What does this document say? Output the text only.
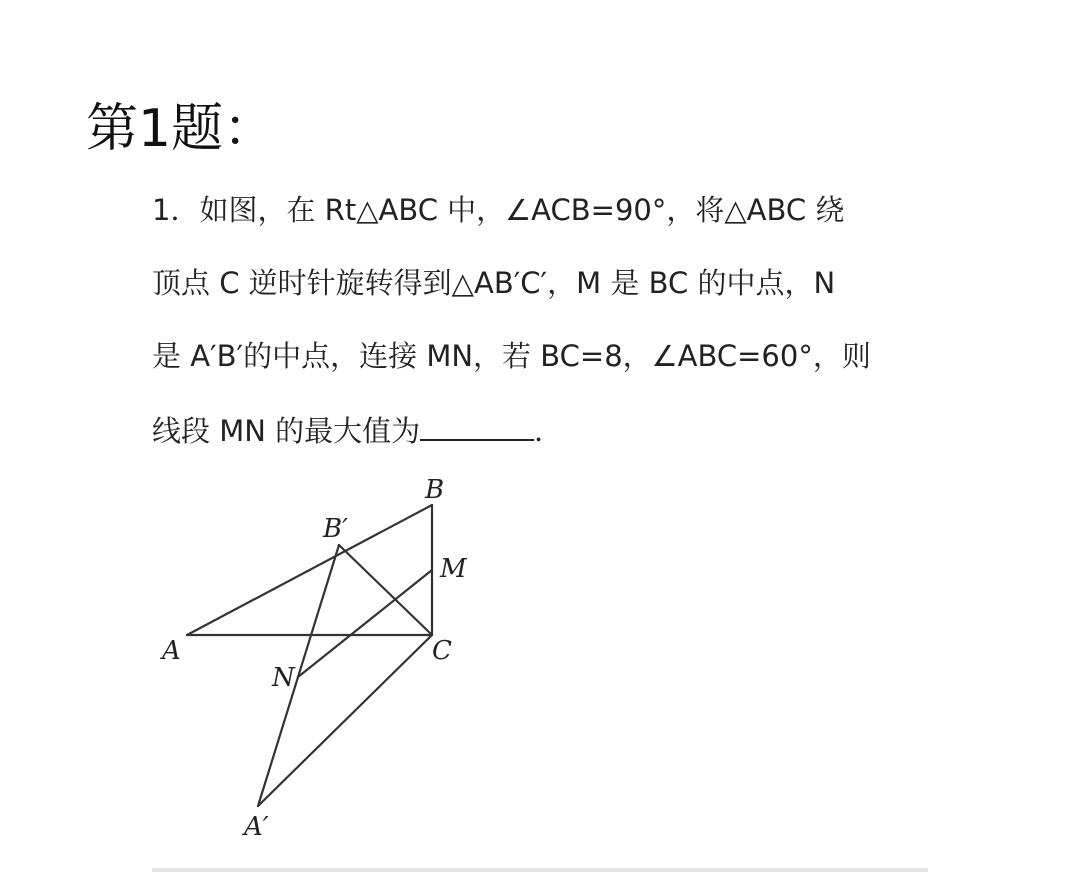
第1题：
1．如图，在 Rt△ABC 中，∠ACB=90°，将△ABC 绕
顶点 C 逆时针旋转得到△AB′C′，M 是 BC 的中点，N
是 A′B′的中点，连接 MN，若 BC=8，∠ABC=60°，则
线段 MN 的最大值为	．
B
B′
M
A	C
N
A′
